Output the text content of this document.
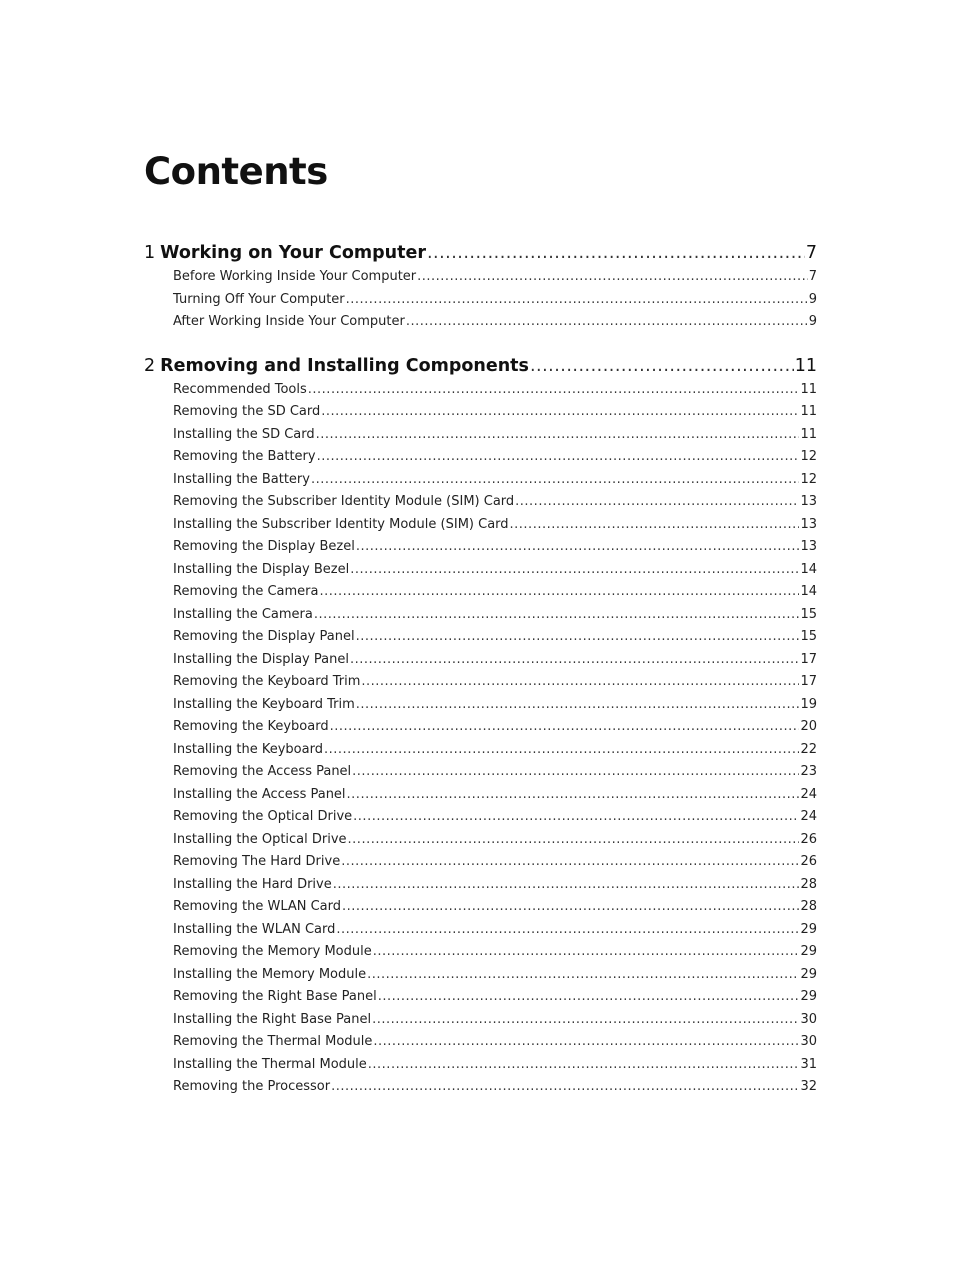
Contents
1 Working on Your Computer .....	7
Before Working Inside Your Computer .....	7
Turning Off Your Computer .....	9
After Working Inside Your Computer .....	9
2 Removing and Installing Components .....	11
Recommended Tools .....	11
Removing the SD Card .....	11
Installing the SD Card .....	11
Removing the Battery .....	12
Installing the Battery .....	12
Removing the Subscriber Identity Module (SIM) Card .....	13
Installing the Subscriber Identity Module (SIM) Card .....	13
Removing the Display Bezel .....	13
Installing the Display Bezel .....	14
Removing the Camera .....	14
Installing the Camera .....	15
Removing the Display Panel .....	15
Installing the Display Panel .....	17
Removing the Keyboard Trim .....	17
Installing the Keyboard Trim .....	19
Removing the Keyboard .....	20
Installing the Keyboard .....	22
Removing the Access Panel .....	23
Installing the Access Panel .....	24
Removing the Optical Drive .....	24
Installing the Optical Drive .....	26
Removing The Hard Drive .....	26
Installing the Hard Drive .....	28
Removing the WLAN Card .....	28
Installing the WLAN Card .....	29
Removing the Memory Module .....	29
Installing the Memory Module .....	29
Removing the Right Base Panel .....	29
Installing the Right Base Panel .....	30
Removing the Thermal Module .....	30
Installing the Thermal Module .....	31
Removing the Processor .....	32
